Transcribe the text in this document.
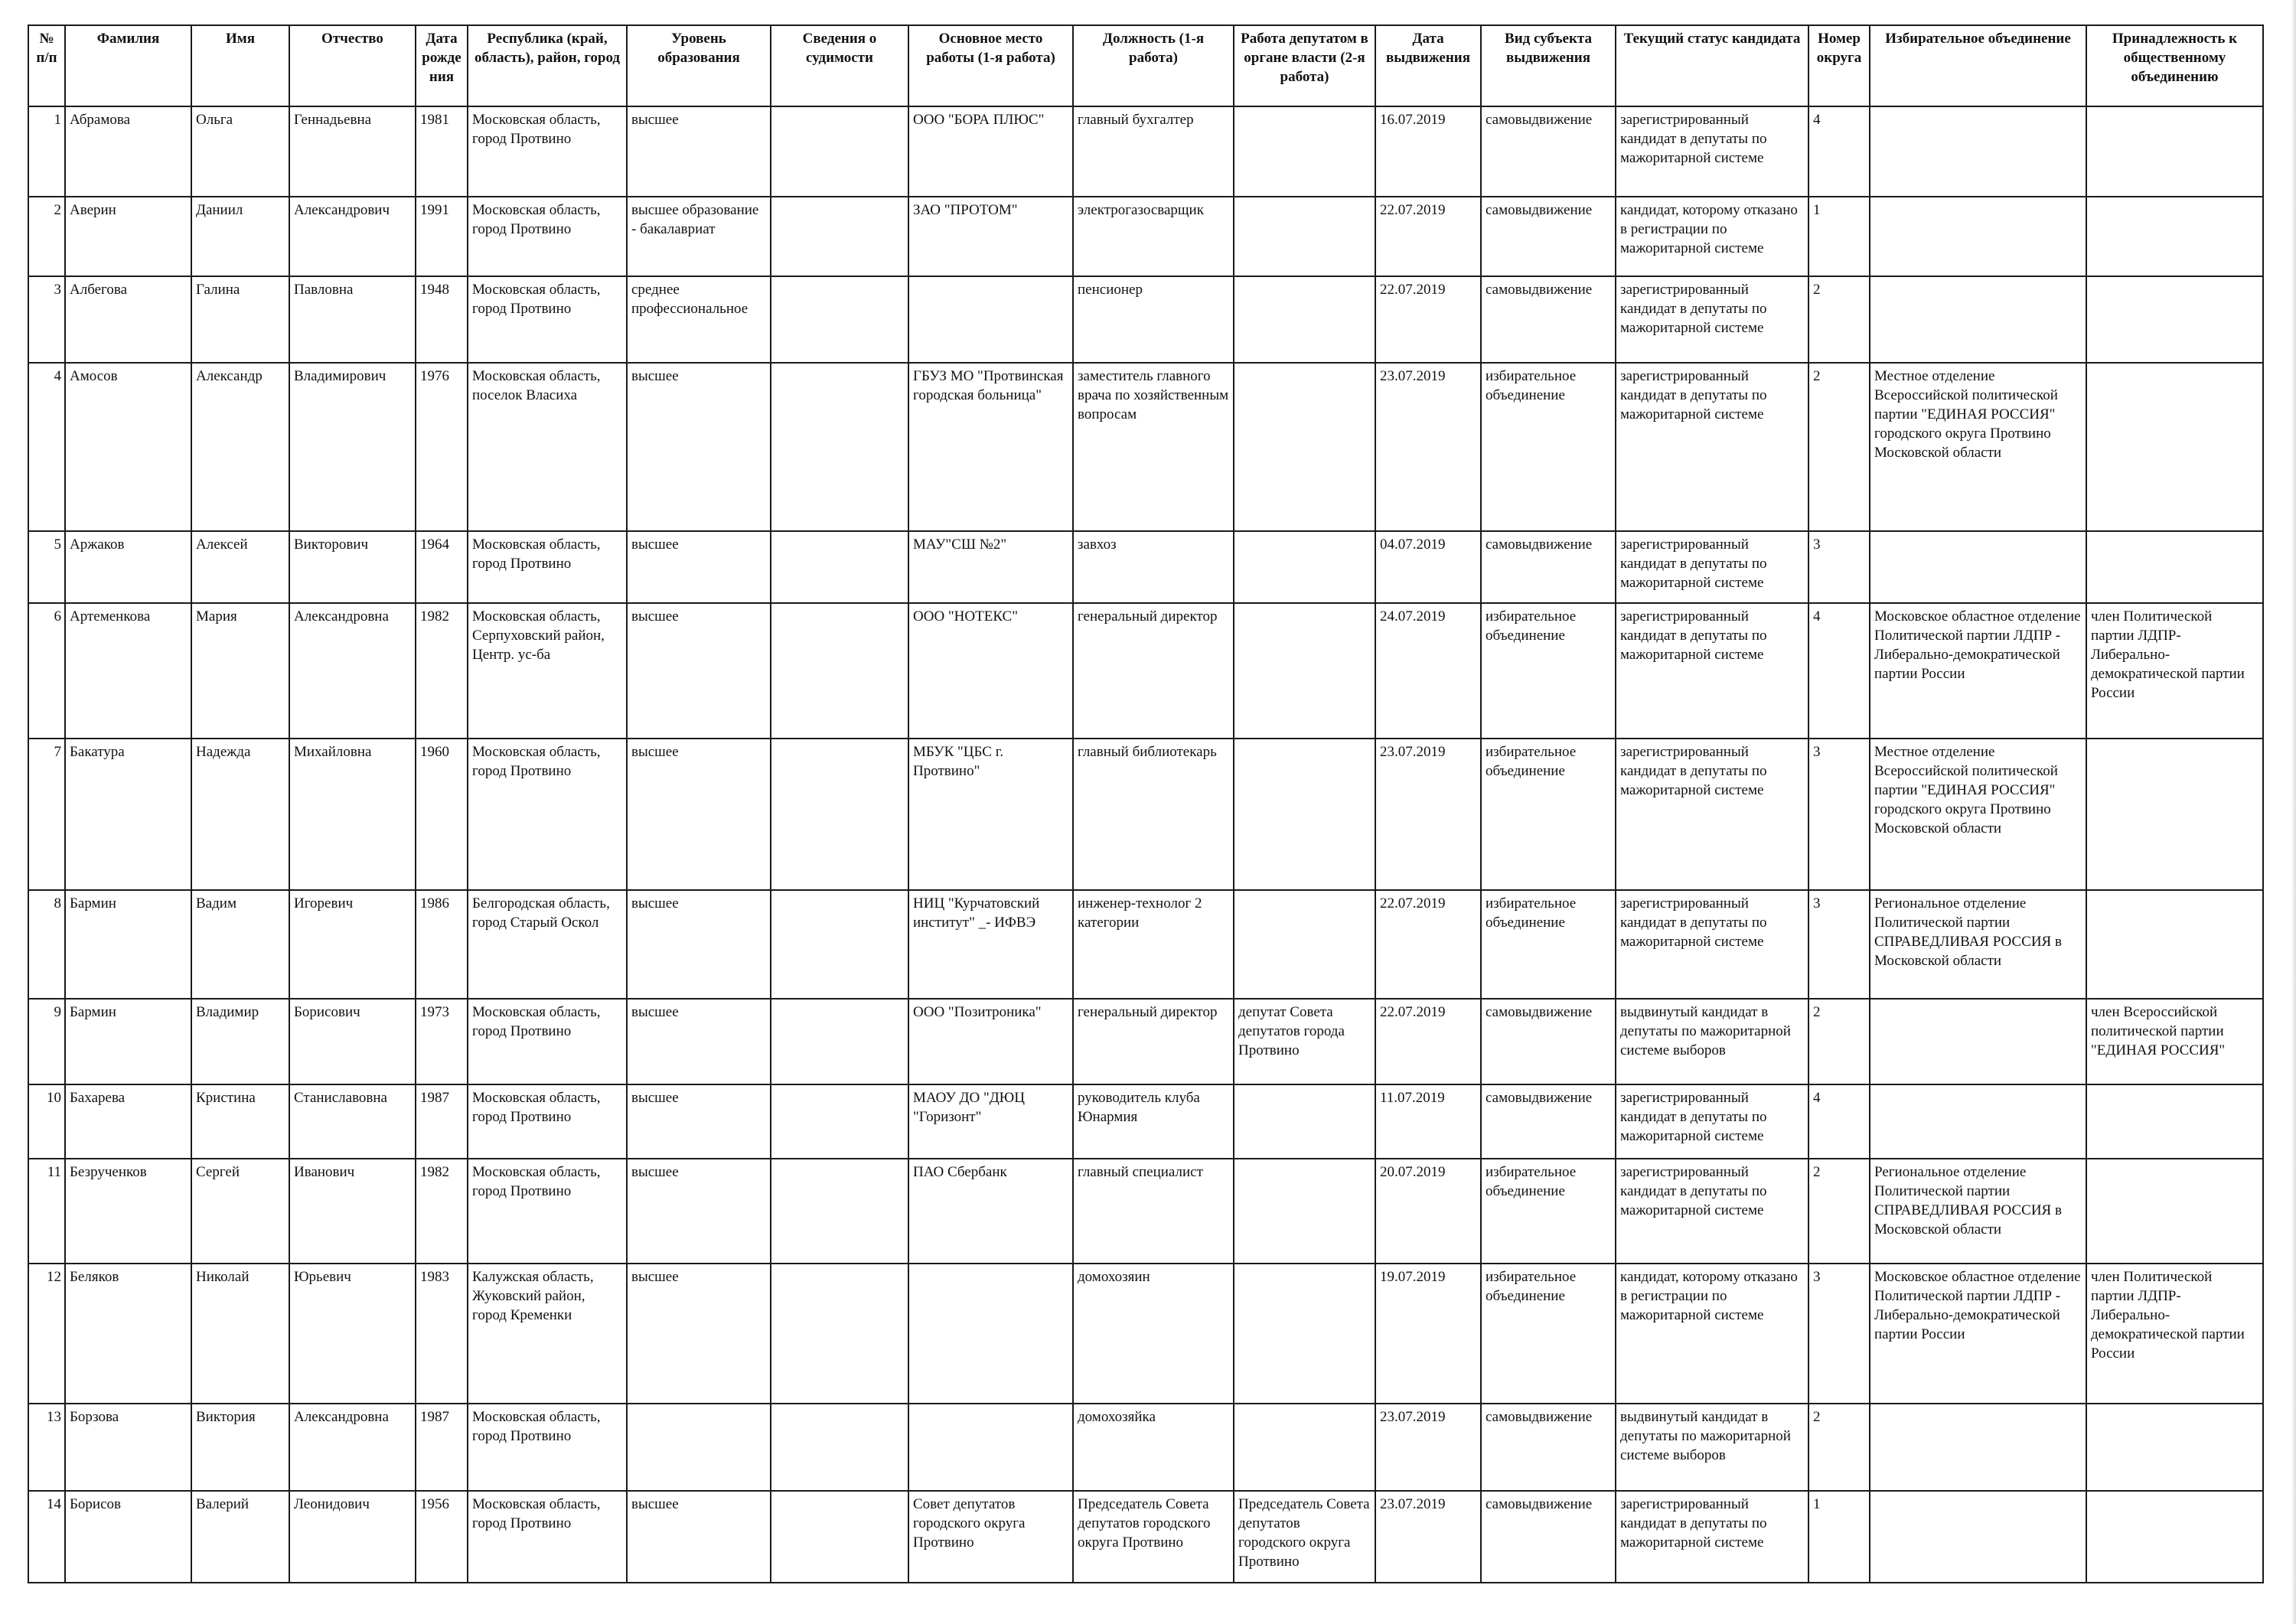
№ п/п	Фамилия	Имя	Отчество	Дата рождения	Республика (край, область), район, город	Уровень образования	Сведения о судимости	Основное место работы (1-я работа)	Должность (1-я работа)	Работа депутатом в органе власти (2-я работа)	Дата выдвижения	Вид субъекта выдвижения	Текущий статус кандидата	Номер округа	Избирательное объединение	Принадлежность к общественному объединению
1	Абрамова	Ольга	Геннадьевна	1981	Московская область, город Протвино	высшее		ООО "БОРА ПЛЮС"	главный бухгалтер		16.07.2019	самовыдвижение	зарегистрированный кандидат в депутаты по мажоритарной системе	4		
2	Аверин	Даниил	Александрович	1991	Московская область, город Протвино	высшее образование - бакалавриат		ЗАО "ПРОТОМ"	электрогазосварщик		22.07.2019	самовыдвижение	кандидат, которому отказано в регистрации по мажоритарной системе	1		
3	Албегова	Галина	Павловна	1948	Московская область, город Протвино	среднее профессиональное			пенсионер		22.07.2019	самовыдвижение	зарегистрированный кандидат в депутаты по мажоритарной системе	2		
4	Амосов	Александр	Владимирович	1976	Московская область, поселок Власиха	высшее		ГБУЗ МО "Протвинская городская больница"	заместитель главного врача по хозяйственным вопросам		23.07.2019	избирательное объединение	зарегистрированный кандидат в депутаты по мажоритарной системе	2	Местное отделение Всероссийской политической партии "ЕДИНАЯ РОССИЯ" городского округа Протвино Московской области	
5	Аржаков	Алексей	Викторович	1964	Московская область, город Протвино	высшее		МАУ"СШ №2"	завхоз		04.07.2019	самовыдвижение	зарегистрированный кандидат в депутаты по мажоритарной системе	3		
6	Артеменкова	Мария	Александровна	1982	Московская область, Серпуховский район, Центр. ус-ба	высшее		ООО "НОТЕКС"	генеральный директор		24.07.2019	избирательное объединение	зарегистрированный кандидат в депутаты по мажоритарной системе	4	Московское областное отделение Политической партии ЛДПР - Либерально-демократической партии России	член Политической партии ЛДПР-Либерально-демократической партии России
7	Бакатура	Надежда	Михайловна	1960	Московская область, город Протвино	высшее		МБУК "ЦБС г. Протвино"	главный библиотекарь		23.07.2019	избирательное объединение	зарегистрированный кандидат в депутаты по мажоритарной системе	3	Местное отделение Всероссийской политической партии "ЕДИНАЯ РОССИЯ" городского округа Протвино Московской области	
8	Бармин	Вадим	Игоревич	1986	Белгородская область, город Старый Оскол	высшее		НИЦ "Курчатовский институт" _- ИФВЭ	инженер-технолог 2 категории		22.07.2019	избирательное объединение	зарегистрированный кандидат в депутаты по мажоритарной системе	3	Региональное отделение Политической партии СПРАВЕДЛИВАЯ РОССИЯ в Московской области	
9	Бармин	Владимир	Борисович	1973	Московская область, город Протвино	высшее		ООО "Позитроника"	генеральный директор	депутат Совета депутатов города Протвино	22.07.2019	самовыдвижение	выдвинутый кандидат в депутаты по мажоритарной системе выборов	2		член Всероссийской политической партии "ЕДИНАЯ РОССИЯ"
10	Бахарева	Кристина	Станиславовна	1987	Московская область, город Протвино	высшее		МАОУ ДО "ДЮЦ "Горизонт"	руководитель клуба Юнармия		11.07.2019	самовыдвижение	зарегистрированный кандидат в депутаты по мажоритарной системе	4		
11	Безрученков	Сергей	Иванович	1982	Московская область, город Протвино	высшее		ПАО Сбербанк	главный специалист		20.07.2019	избирательное объединение	зарегистрированный кандидат в депутаты по мажоритарной системе	2	Региональное отделение Политической партии СПРАВЕДЛИВАЯ РОССИЯ в Московской области	
12	Беляков	Николай	Юрьевич	1983	Калужская область, Жуковский район, город Кременки	высшее			домохозяин		19.07.2019	избирательное объединение	кандидат, которому отказано в регистрации по мажоритарной системе	3	Московское областное отделение Политической партии ЛДПР - Либерально-демократической партии России	член Политической партии ЛДПР-Либерально-демократической партии России
13	Борзова	Виктория	Александровна	1987	Московская область, город Протвино				домохозяйка		23.07.2019	самовыдвижение	выдвинутый кандидат в депутаты по мажоритарной системе выборов	2		
14	Борисов	Валерий	Леонидович	1956	Московская область, город Протвино	высшее		Совет депутатов городского округа Протвино	Председатель Совета депутатов городского округа Протвино	Председатель Совета депутатов городского округа Протвино	23.07.2019	самовыдвижение	зарегистрированный кандидат в депутаты по мажоритарной системе	1		
